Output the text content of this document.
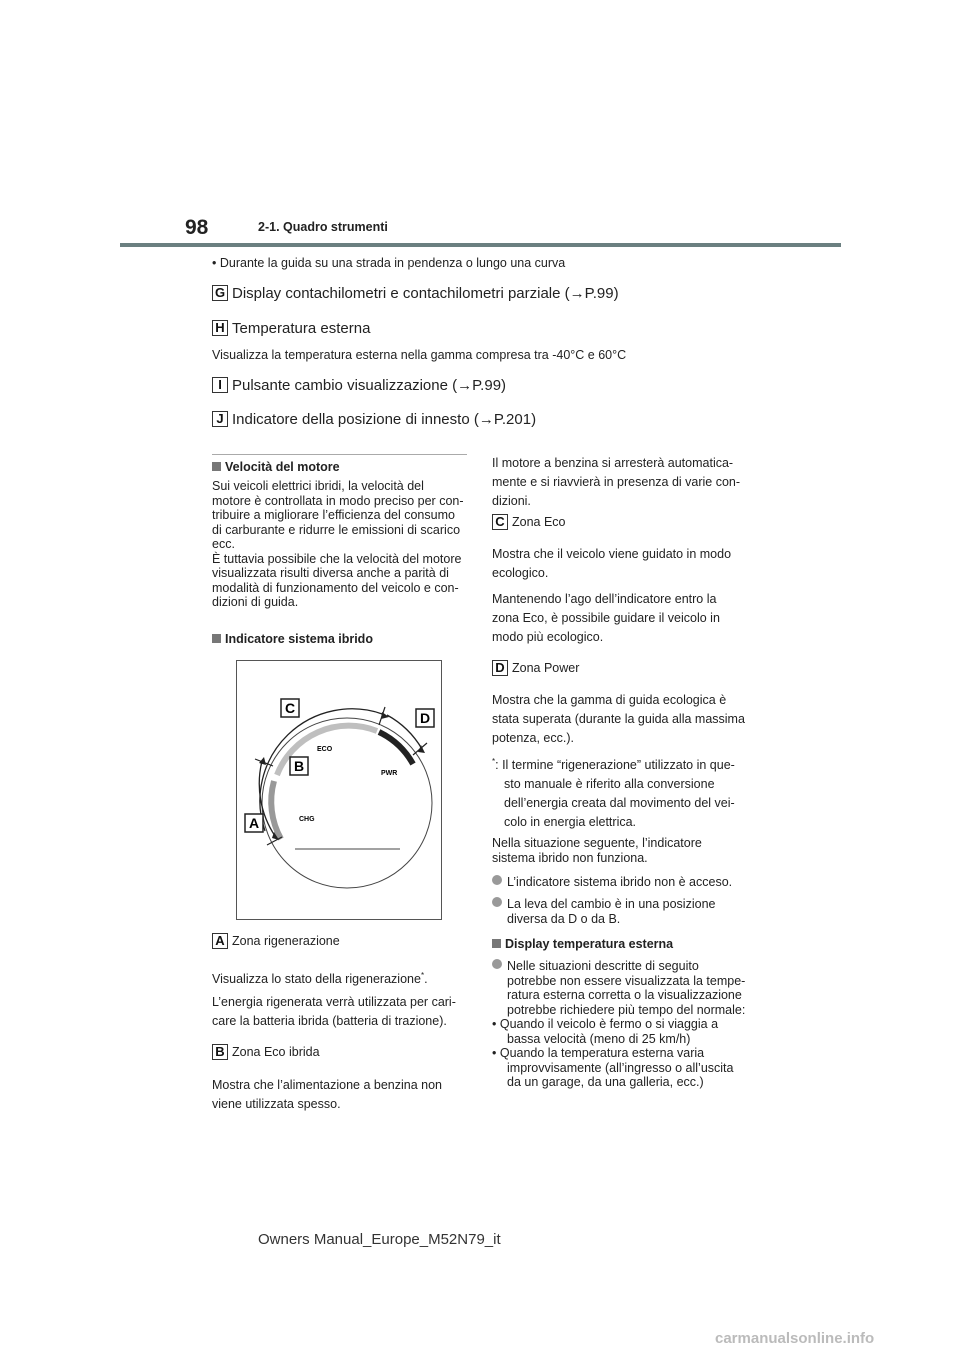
98	2-1. Quadro strumenti
• Durante la guida su una strada in pendenza o lungo una curva
G Display contachilometri e contachilometri parziale (→P.99)
H Temperatura esterna
Visualizza la temperatura esterna nella gamma compresa tra -40°C e 60°C
I Pulsante cambio visualizzazione (→P.99)
J Indicatore della posizione di innesto (→P.201)
Velocità del motore
Sui veicoli elettrici ibridi, la velocità del
motore è controllata in modo preciso per con-
tribuire a migliorare l’efficienza del consumo
di carburante e ridurre le emissioni di scarico
ecc.
È tuttavia possibile che la velocità del motore
visualizzata risulti diversa anche a parità di
modalità di funzionamento del veicolo e con-
dizioni di guida.
Indicatore sistema ibrido
C
D
B
A
ECO
PWR
CHG
A Zona rigenerazione
Visualizza lo stato della rigenerazione*.
L’energia rigenerata verrà utilizzata per cari-
care la batteria ibrida (batteria di trazione).
B Zona Eco ibrida
Mostra che l’alimentazione a benzina non
viene utilizzata spesso.
Il motore a benzina si arresterà automatica-
mente e si riavvierà in presenza di varie con-
dizioni.
C Zona Eco
Mostra che il veicolo viene guidato in modo
ecologico.
Mantenendo l’ago dell’indicatore entro la
zona Eco, è possibile guidare il veicolo in
modo più ecologico.
D Zona Power
Mostra che la gamma di guida ecologica è
stata superata (durante la guida alla massima
potenza, ecc.).
*: Il termine “rigenerazione” utilizzato in que-
sto manuale è riferito alla conversione
dell’energia creata dal movimento del vei-
colo in energia elettrica.
Nella situazione seguente, l’indicatore
sistema ibrido non funziona.
L’indicatore sistema ibrido non è acceso.
La leva del cambio è in una posizione
diversa da D o da B.
Display temperatura esterna
Nelle situazioni descritte di seguito
potrebbe non essere visualizzata la tempe-
ratura esterna corretta o la visualizzazione
potrebbe richiedere più tempo del normale:
• Quando il veicolo è fermo o si viaggia a
bassa velocità (meno di 25 km/h)
• Quando la temperatura esterna varia
improvvisamente (all’ingresso o all’uscita
da un garage, da una galleria, ecc.)
Owners Manual_Europe_M52N79_it
carmanualsonline.info
